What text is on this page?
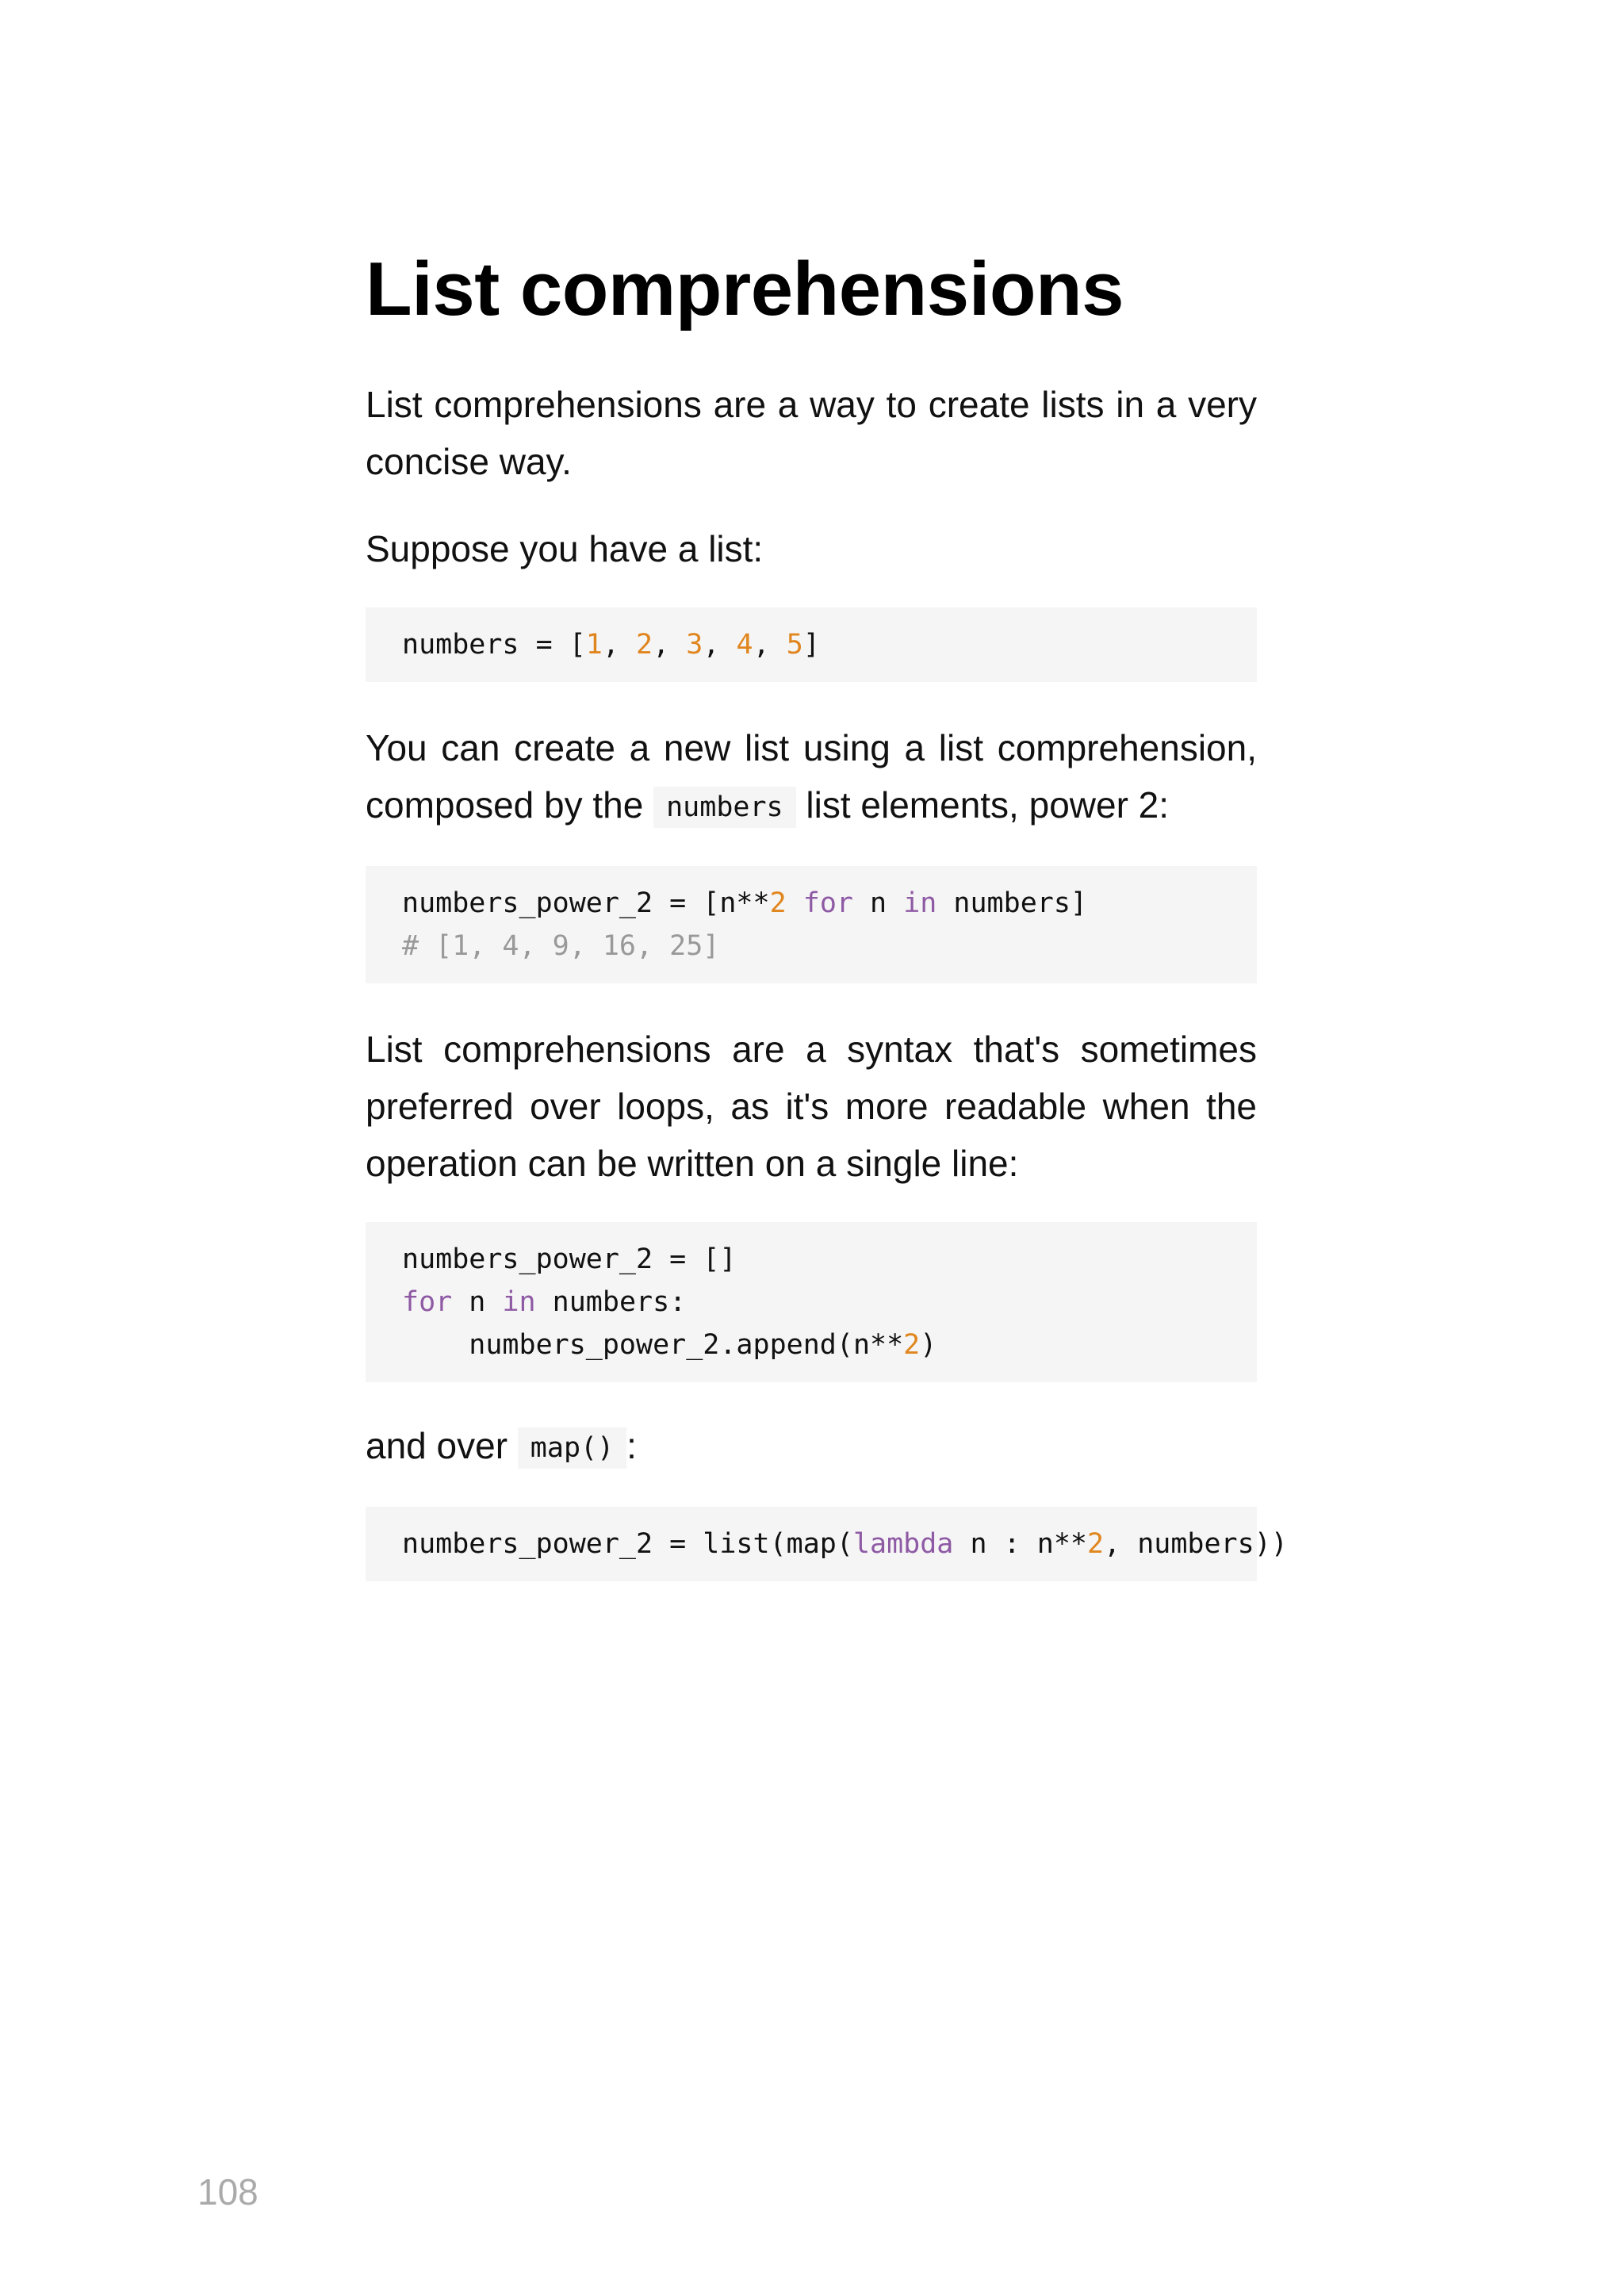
List comprehensions

List comprehensions are a way to create lists in a very concise way.

Suppose you have a list:

numbers = [1, 2, 3, 4, 5]

You can create a new list using a list comprehension, composed by the numbers list elements, power 2:

numbers_power_2 = [n**2 for n in numbers]
# [1, 4, 9, 16, 25]

List comprehensions are a syntax that's sometimes preferred over loops, as it's more readable when the operation can be written on a single line:

numbers_power_2 = []
for n in numbers:
numbers_power_2.append(n**2)

and over map() :

numbers_power_2 = list(map(lambda n : n**2, numbers))
108
